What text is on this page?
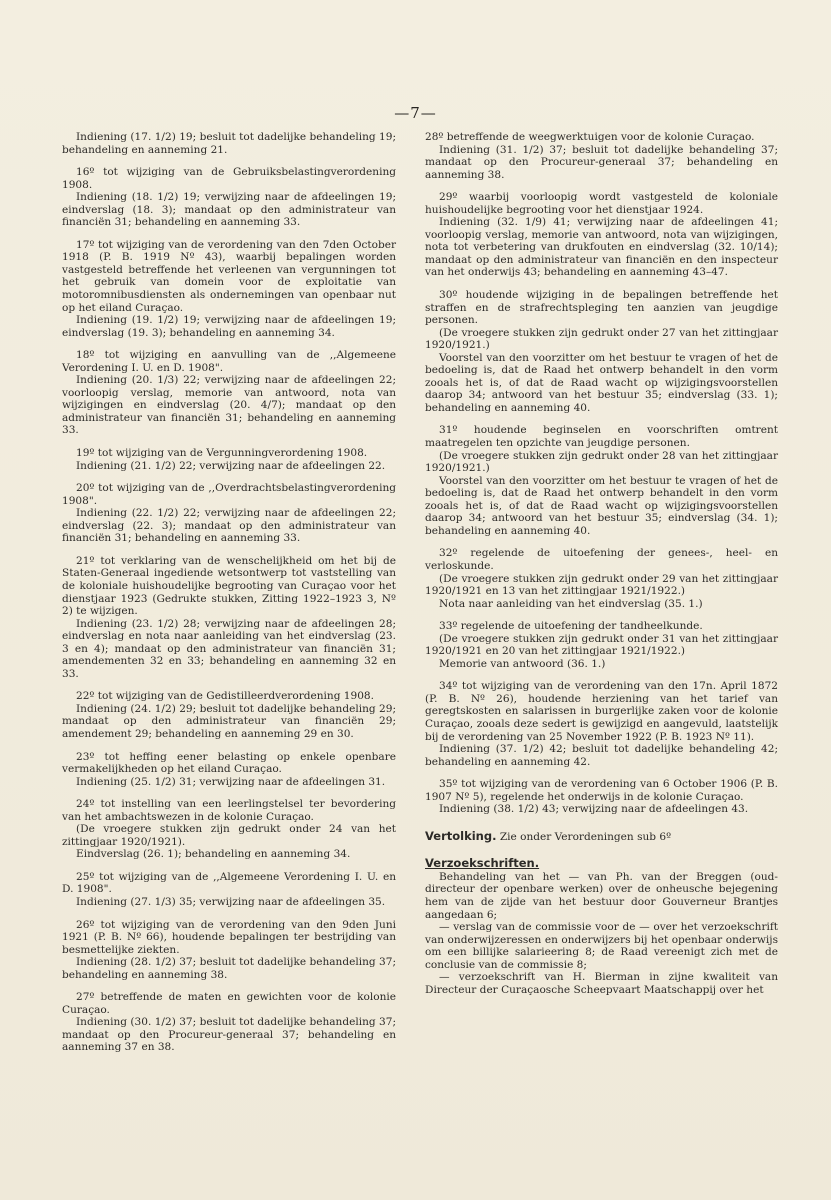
—7—

Indiening (17. 1/2) 19; besluit tot dadelijke behandeling 19; behandeling en aanneming 21.

16º tot wijziging van de Gebruiksbelastingverordening 1908.

Indiening (18. 1/2) 19; verwijzing naar de afdeelingen 19; eindverslag (18. 3); mandaat op den administrateur van financiën 31; behandeling en aanneming 33.

17º tot wijziging van de verordening van den 7den October 1918 (P. B. 1919 Nº 43), waarbij bepalingen worden vastgesteld betreffende het verleenen van vergunningen tot het gebruik van domein voor de exploitatie van motoromnibusdiensten als ondernemingen van openbaar nut op het eiland Curaçao.

Indiening (19. 1/2) 19; verwijzing naar de afdeelingen 19; eindverslag (19. 3); behandeling en aanneming 34.

18º tot wijziging en aanvulling van de ,,Algemeene Verordening I. U. en D. 1908".

Indiening (20. 1/3) 22; verwijzing naar de afdeelingen 22; voorloopig verslag, memorie van antwoord, nota van wijzigingen en eindverslag (20. 4/7); mandaat op den administrateur van financiën 31; behandeling en aanneming 33.

19º tot wijziging van de Vergunningverordening 1908.

Indiening (21. 1/2) 22; verwijzing naar de afdeelingen 22.

20º tot wijziging van de ,,Overdrachtsbelastingverordening 1908".

Indiening (22. 1/2) 22; verwijzing naar de afdeelingen 22; eindverslag (22. 3); mandaat op den administrateur van financiën 31; behandeling en aanneming 33.

21º tot verklaring van de wenschelijkheid om het bij de Staten-Generaal ingediende wetsontwerp tot vaststelling van de koloniale huishoudelijke begrooting van Curaçao voor het dienstjaar 1923 (Gedrukte stukken, Zitting 1922–1923 3, Nº 2) te wijzigen.

Indiening (23. 1/2) 28; verwijzing naar de afdeelingen 28; eindverslag en nota naar aanleiding van het eindverslag (23. 3 en 4); mandaat op den administrateur van financiën 31; amendementen 32 en 33; behandeling en aanneming 32 en 33.

22º tot wijziging van de Gedistilleerdverordening 1908.

Indiening (24. 1/2) 29; besluit tot dadelijke behandeling 29; mandaat op den administrateur van financiën 29; amendement 29; behandeling en aanneming 29 en 30.

23º tot heffing eener belasting op enkele openbare vermakelijkheden op het eiland Curaçao.

Indiening (25. 1/2) 31; verwijzing naar de afdeelingen 31.

24º tot instelling van een leerlingstelsel ter bevordering van het ambachtswezen in de kolonie Curaçao.

(De vroegere stukken zijn gedrukt onder 24 van het zittingjaar 1920/1921).

Eindverslag (26. 1); behandeling en aanneming 34.

25º tot wijziging van de ,,Algemeene Verordening I. U. en D. 1908".

Indiening (27. 1/3) 35; verwijzing naar de afdeelingen 35.

26º tot wijziging van de verordening van den 9den Juni 1921 (P. B. Nº 66), houdende bepalingen ter bestrijding van besmettelijke ziekten.

Indiening (28. 1/2) 37; besluit tot dadelijke behandeling 37; behandeling en aanneming 38.

27º betreffende de maten en gewichten voor de kolonie Curaçao.

Indiening (30. 1/2) 37; besluit tot dadelijke behandeling 37; mandaat op den Procureur-generaal 37; behandeling en aanneming 37 en 38.

28º betreffende de weegwerktuigen voor de kolonie Curaçao.

Indiening (31. 1/2) 37; besluit tot dadelijke behandeling 37; mandaat op den Procureur-generaal 37; behandeling en aanneming 38.

29º waarbij voorloopig wordt vastgesteld de koloniale huishoudelijke begrooting voor het dienstjaar 1924.

Indiening (32. 1/9) 41; verwijzing naar de afdeelingen 41; voorloopig verslag, memorie van antwoord, nota van wijzigingen, nota tot verbetering van drukfouten en eindverslag (32. 10/14); mandaat op den administrateur van financiën en den inspecteur van het onderwijs 43; behandeling en aanneming 43–47.

30º houdende wijziging in de bepalingen betreffende het straffen en de strafrechtspleging ten aanzien van jeugdige personen.

(De vroegere stukken zijn gedrukt onder 27 van het zittingjaar 1920/1921.)

Voorstel van den voorzitter om het bestuur te vragen of het de bedoeling is, dat de Raad het ontwerp behandelt in den vorm zooals het is, of dat de Raad wacht op wijzigingsvoorstellen daarop 34; antwoord van het bestuur 35; eindverslag (33. 1); behandeling en aanneming 40.

31º houdende beginselen en voorschriften omtrent maatregelen ten opzichte van jeugdige personen.

(De vroegere stukken zijn gedrukt onder 28 van het zittingjaar 1920/1921.)

Voorstel van den voorzitter om het bestuur te vragen of het de bedoeling is, dat de Raad het ontwerp behandelt in den vorm zooals het is, of dat de Raad wacht op wijzigingsvoorstellen daarop 34; antwoord van het bestuur 35; eindverslag (34. 1); behandeling en aanneming 40.

32º regelende de uitoefening der genees-, heel- en verloskunde.

(De vroegere stukken zijn gedrukt onder 29 van het zittingjaar 1920/1921 en 13 van het zittingjaar 1921/1922.)

Nota naar aanleiding van het eindverslag (35. 1.)

33º regelende de uitoefening der tandheelkunde.

(De vroegere stukken zijn gedrukt onder 31 van het zittingjaar 1920/1921 en 20 van het zittingjaar 1921/1922.)

Memorie van antwoord (36. 1.)

34º tot wijziging van de verordening van den 17n. April 1872 (P. B. Nº 26), houdende herziening van het tarief van geregtskosten en salarissen in burgerlijke zaken voor de kolonie Curaçao, zooals deze sedert is gewijzigd en aangevuld, laatstelijk bij de verordening van 25 November 1922 (P. B. 1923 Nº 11).

Indiening (37. 1/2) 42; besluit tot dadelijke behandeling 42; behandeling en aanneming 42.

35º tot wijziging van de verordening van 6 October 1906 (P. B. 1907 Nº 5), regelende het onderwijs in de kolonie Curaçao.

Indiening (38. 1/2) 43; verwijzing naar de afdeelingen 43.

Vertolking. Zie onder Verordeningen sub 6º

Verzoekschriften.

Behandeling van het — van Ph. van der Breggen (oud-directeur der openbare werken) over de onheusche bejegening hem van de zijde van het bestuur door Gouverneur Brantjes aangedaan 6;

— verslag van de commissie voor de — over het verzoekschrift van onderwijzeressen en onderwijzers bij het openbaar onderwijs om een billijke salarieering 8; de Raad vereenigt zich met de conclusie van de commissie 8;

— verzoekschrift van H. Bierman in zijne kwaliteit van Directeur der Curaçaosche Scheepvaart Maatschappij over het
